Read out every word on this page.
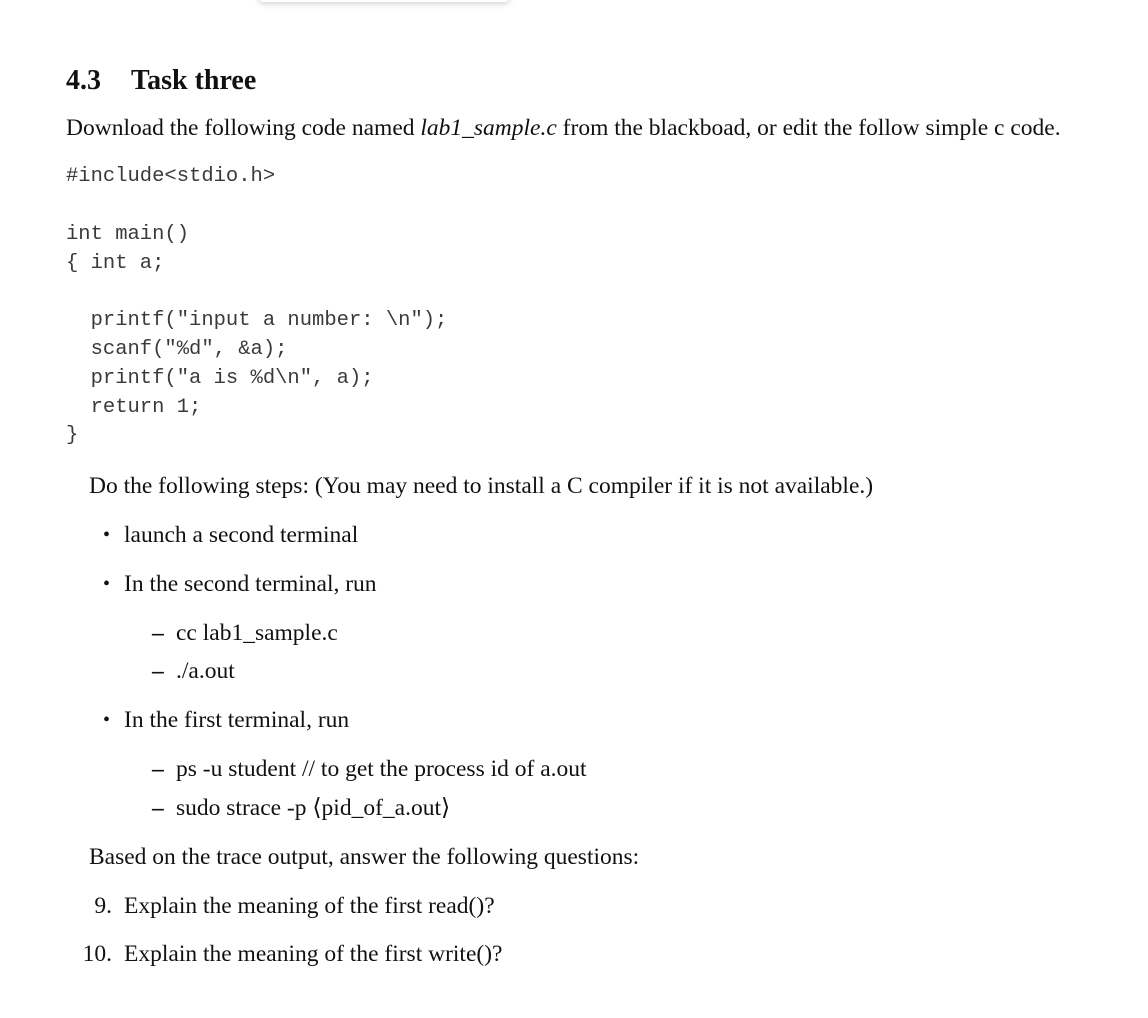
4.3 Task three
Download the following code named lab1_sample.c from the blackboad, or edit the follow simple c code.
#include<stdio.h>
int main()
{ int a;

printf("input a number: \n");
scanf("%d", &a);
printf("a is %d\n", a);
return 1;
}
Do the following steps: (You may need to install a C compiler if it is not available.)
• launch a second terminal
• In the second terminal, run
– cc lab1_sample.c
– ./a.out
• In the first terminal, run
– ps -u student // to get the process id of a.out
– sudo strace -p ⟨pid_of_a.out⟩
Based on the trace output, answer the following questions:
9. Explain the meaning of the first read()?
10. Explain the meaning of the first write()?
